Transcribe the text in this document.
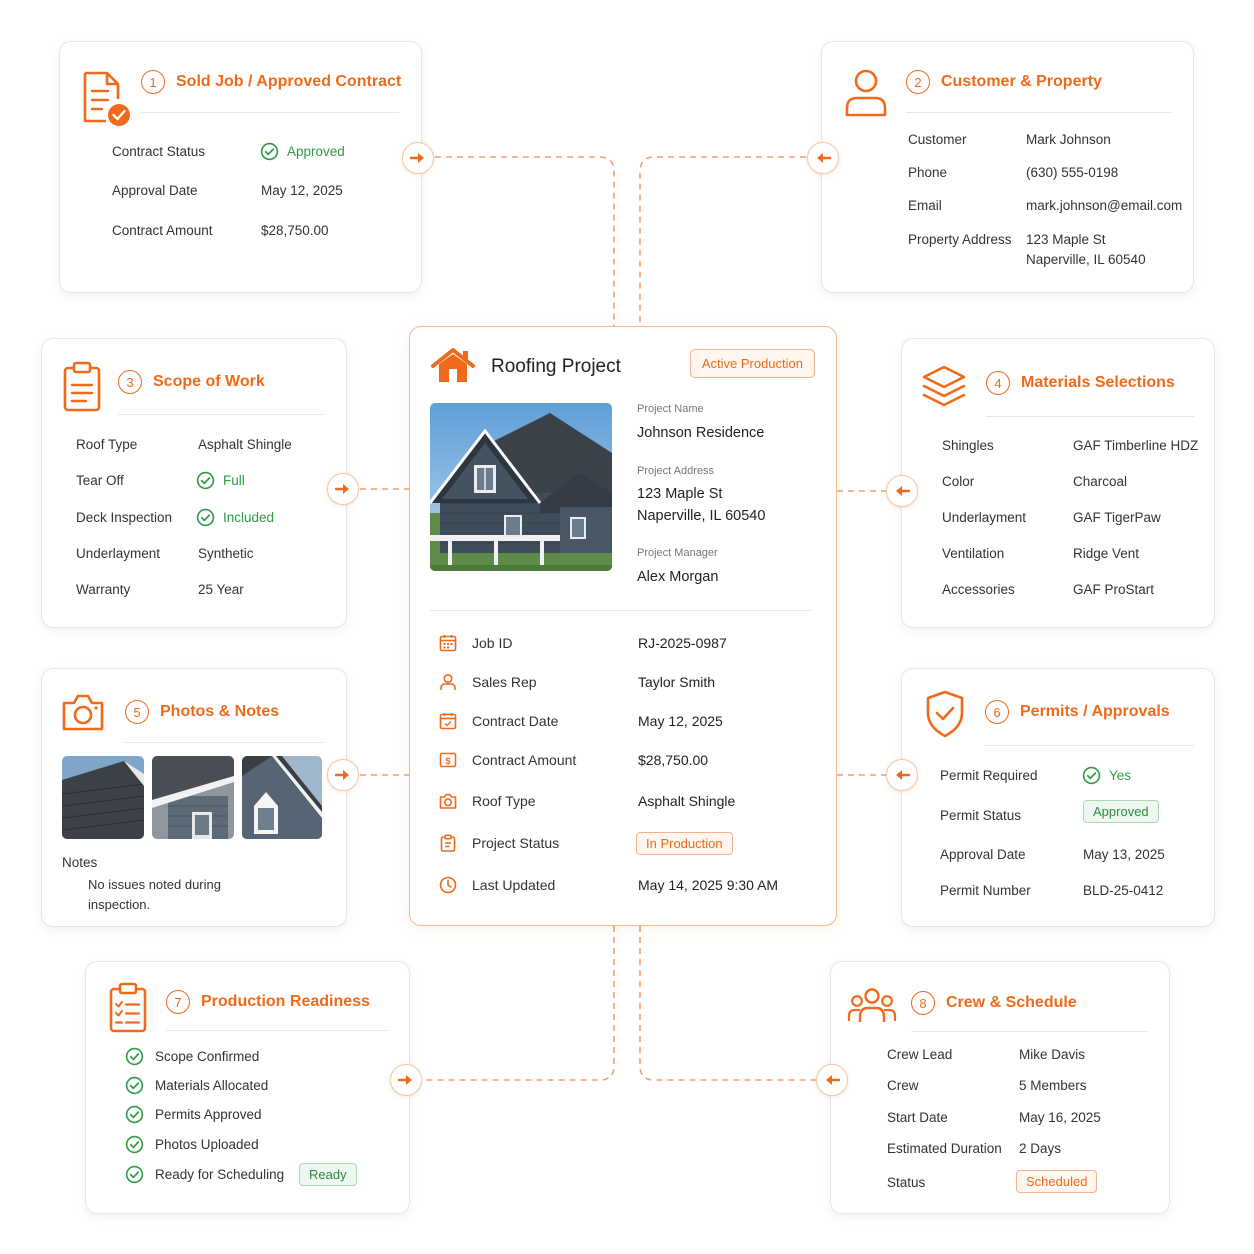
1	Sold Job / Approved Contract
Contract Status	Approved
Approval Date	May 12, 2025
Contract Amount	$28,750.00
2	Customer & Property
Customer	Mark Johnson
Phone	(630) 555-0198
Email	mark.johnson@email.com
Property Address 123 Maple St
Naperville, IL 60540
3	Scope of Work
Roof Type	Asphalt Shingle
Tear Off	Full
Deck Inspection	Included
Underlayment	Synthetic
Warranty	25 Year
4	Materials Selections
Shingles	GAF Timberline HDZ
Color	Charcoal
Underlayment	GAF TigerPaw
Ventilation	Ridge Vent
Accessories	GAF ProStart
5	Photos & Notes
Notes
No issues noted during
inspection.
6	Permits / Approvals
Permit Required	Yes
Permit Status	Approved
Approval Date	May 13, 2025
Permit Number	BLD-25-0412
7	Production Readiness
Scope Confirmed
Materials Allocated
Permits Approved
Photos Uploaded
Ready for Scheduling	Ready
8	Crew & Schedule
Crew Lead	Mike Davis
Crew	5 Members
Start Date	May 16, 2025
Estimated Duration 2 Days
Status	Scheduled
Roofing Project	Active Production
Project Name
Johnson Residence
Project Address
123 Maple St
Naperville, IL 60540
Project Manager
Alex Morgan
Job ID	RJ-2025-0987
Sales Rep	Taylor Smith
Contract Date	May 12, 2025
$ Contract Amount	$28,750.00
Roof Type	Asphalt Shingle
Project Status	In Production
Last Updated	May 14, 2025 9:30 AM
